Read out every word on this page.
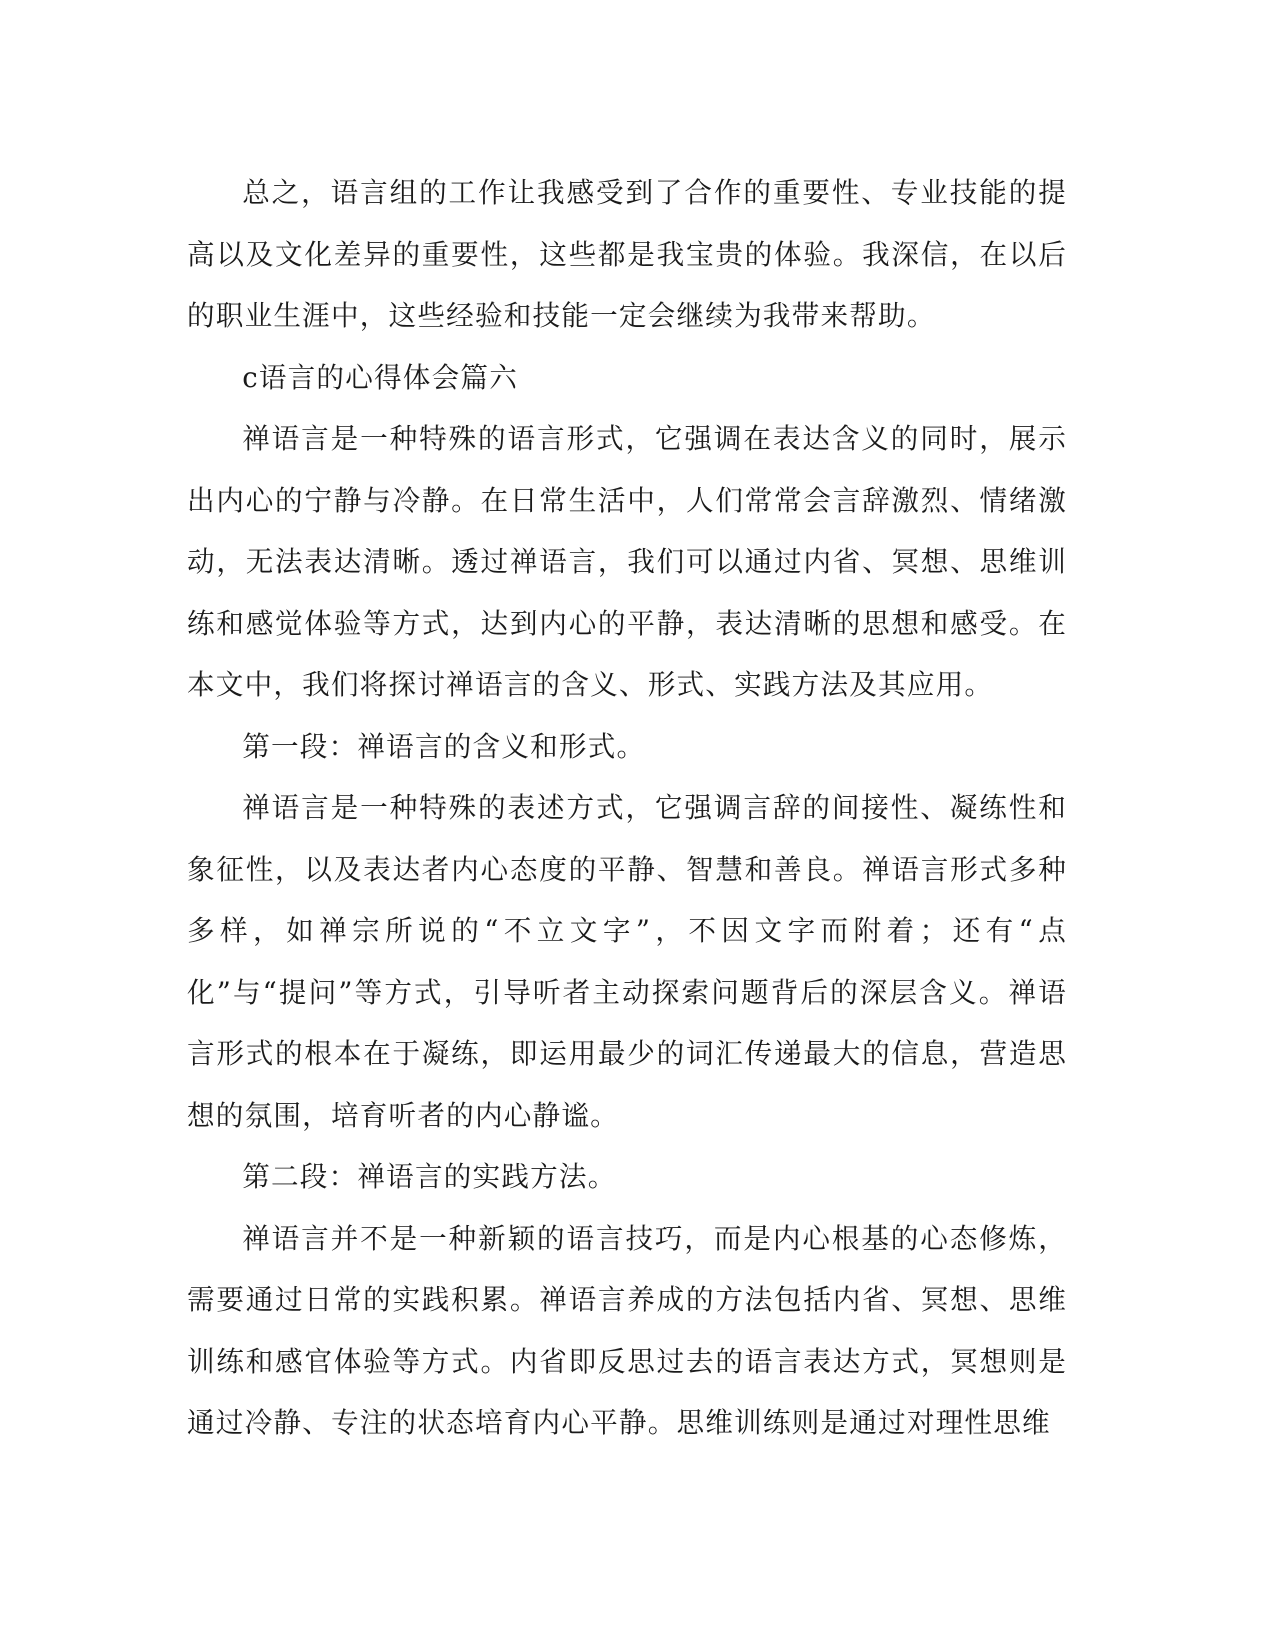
总之，语言组的工作让我感受到了合作的重要性、专业技能的提高以及文化差异的重要性，这些都是我宝贵的体验。我深信，在以后的职业生涯中，这些经验和技能一定会继续为我带来帮助。

c语言的心得体会篇六

禅语言是一种特殊的语言形式，它强调在表达含义的同时，展示出内心的宁静与冷静。在日常生活中，人们常常会言辞激烈、情绪激动，无法表达清晰。透过禅语言，我们可以通过内省、冥想、思维训练和感觉体验等方式，达到内心的平静，表达清晰的思想和感受。在本文中，我们将探讨禅语言的含义、形式、实践方法及其应用。

第一段：禅语言的含义和形式。

禅语言是一种特殊的表述方式，它强调言辞的间接性、凝练性和象征性，以及表达者内心态度的平静、智慧和善良。禅语言形式多种多样，如禅宗所说的“不立文字”，不因文字而附着；还有“点化”与“提问”等方式，引导听者主动探索问题背后的深层含义。禅语言形式的根本在于凝练，即运用最少的词汇传递最大的信息，营造思想的氛围，培育听者的内心静谧。

第二段：禅语言的实践方法。

禅语言并不是一种新颖的语言技巧，而是内心根基的心态修炼，需要通过日常的实践积累。禅语言养成的方法包括内省、冥想、思维训练和感官体验等方式。内省即反思过去的语言表达方式，冥想则是通过冷静、专注的状态培育内心平静。思维训练则是通过对理性思维
